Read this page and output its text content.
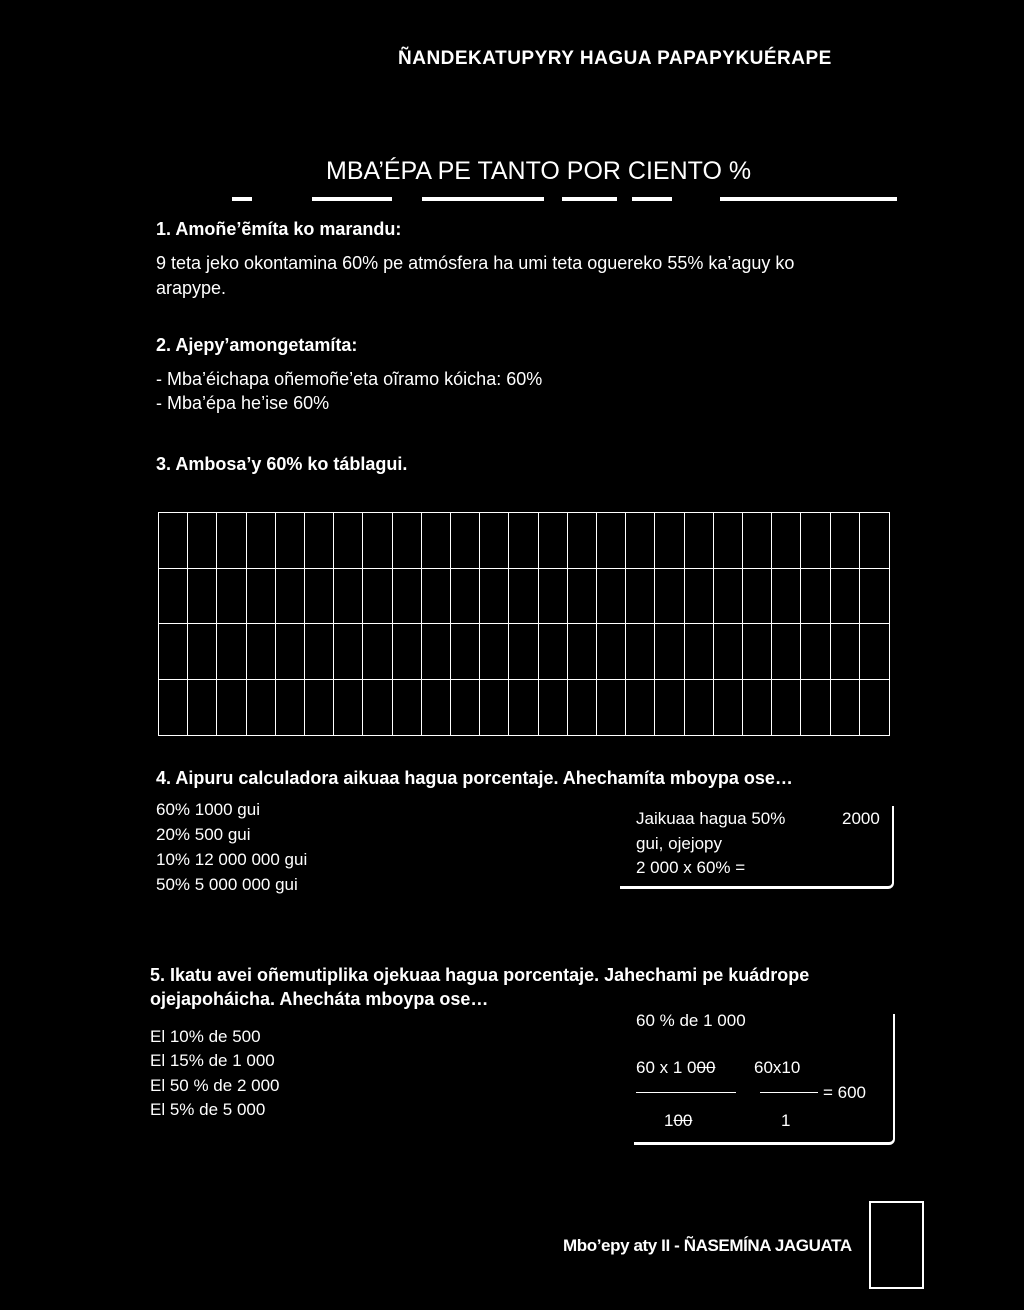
ÑANDEKATUPYRY HAGUA PAPAPYKUÉRAPE
MBA’ÉPA PE TANTO POR CIENTO %
1. Amoñe’ẽmíta ko marandu:
9 teta jeko okontamina 60% pe atmósfera ha umi teta oguereko 55% ka’aguy ko
arapype.
2. Ajepy’amongetamíta:
- Mba’éichapa oñemoñe’eta oĩramo kóicha: 60%
- Mba’épa he’ise 60%
3. Ambosa’y 60% ko táblagui.
4. Aipuru calculadora aikuaa hagua porcentaje. Ahechamíta mboypa ose…
60% 1000 gui
20% 500 gui
10% 12 000 000 gui
50% 5 000 000 gui
Jaikuaa hagua 50%	2000
gui, ojejopy
2 000 x 60% =
5. Ikatu avei oñemutiplika ojekuaa hagua porcentaje. Jahechami pe kuádrope
ojejapoháicha. Ahecháta mboypa ose…
El 10% de 500
El 15% de 1 000
El 50 % de 2 000
El 5% de 5 000
60 % de 1 000
60 x 1 000
100
60x10
1
= 600
Mbo’epy aty II - ÑASEMÍNA JAGUATA
